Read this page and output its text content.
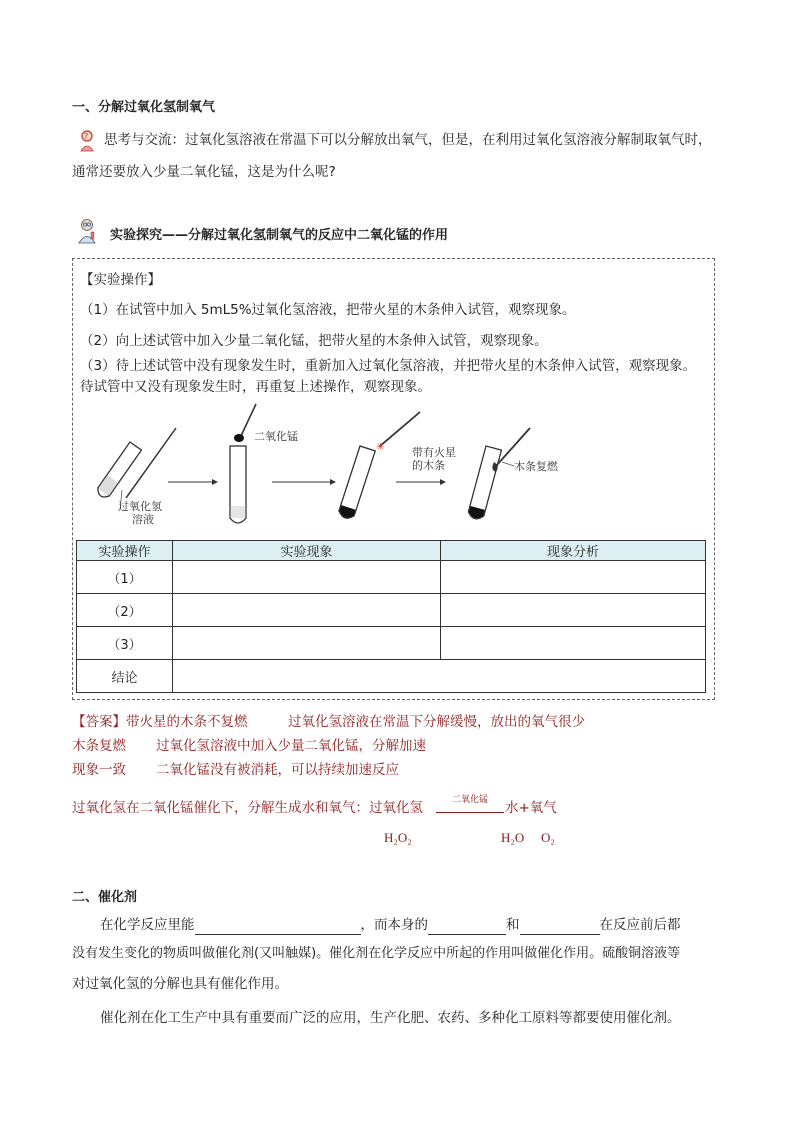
一、分解过氧化氢制氧气
? 思考与交流：过氧化氢溶液在常温下可以分解放出氧气，但是，在利用过氧化氢溶液分解制取氧气时，
通常还要放入少量二氧化锰，这是为什么呢?
实验探究——分解过氧化氢制氧气的反应中二氧化锰的作用
【实验操作】
（1）在试管中加入 5mL5%过氧化氢溶液，把带火星的木条伸入试管，观察现象。
（2）向上述试管中加入少量二氧化锰，把带火星的木条伸入试管，观察现象。
（3）待上述试管中没有现象发生时，重新加入过氧化氢溶液，并把带火星的木条伸入试管，观察现象。
待试管中又没有现象发生时，再重复上述操作，观察现象。
过氧化氢
溶液
二氧化锰
✳	带有火星
的木条	木条复燃
实验操作	实验现象	现象分析
（1）		
（2）		
（3）		
结论		
【答案】带火星的木条不复燃	过氧化氢溶液在常温下分解缓慢，放出的氧气很少
木条复燃 过氧化氢溶液中加入少量二氧化锰，分解加速
现象一致 二氧化锰没有被消耗，可以持续加速反应
过氧化氢在二氧化锰催化下，分解生成水和氧气：过氧化氢	二氧化锰	水+氧气
H₂O₂	H₂O O₂
二、催化剂
在化学反应里能	，而本身的	和	在反应前后都
没有发生变化的物质叫做催化剂(又叫触媒)。催化剂在化学反应中所起的作用叫做催化作用。硫酸铜溶液等
对过氧化氢的分解也具有催化作用。
催化剂在化工生产中具有重要而广泛的应用，生产化肥、农药、多种化工原料等都要使用催化剂。
